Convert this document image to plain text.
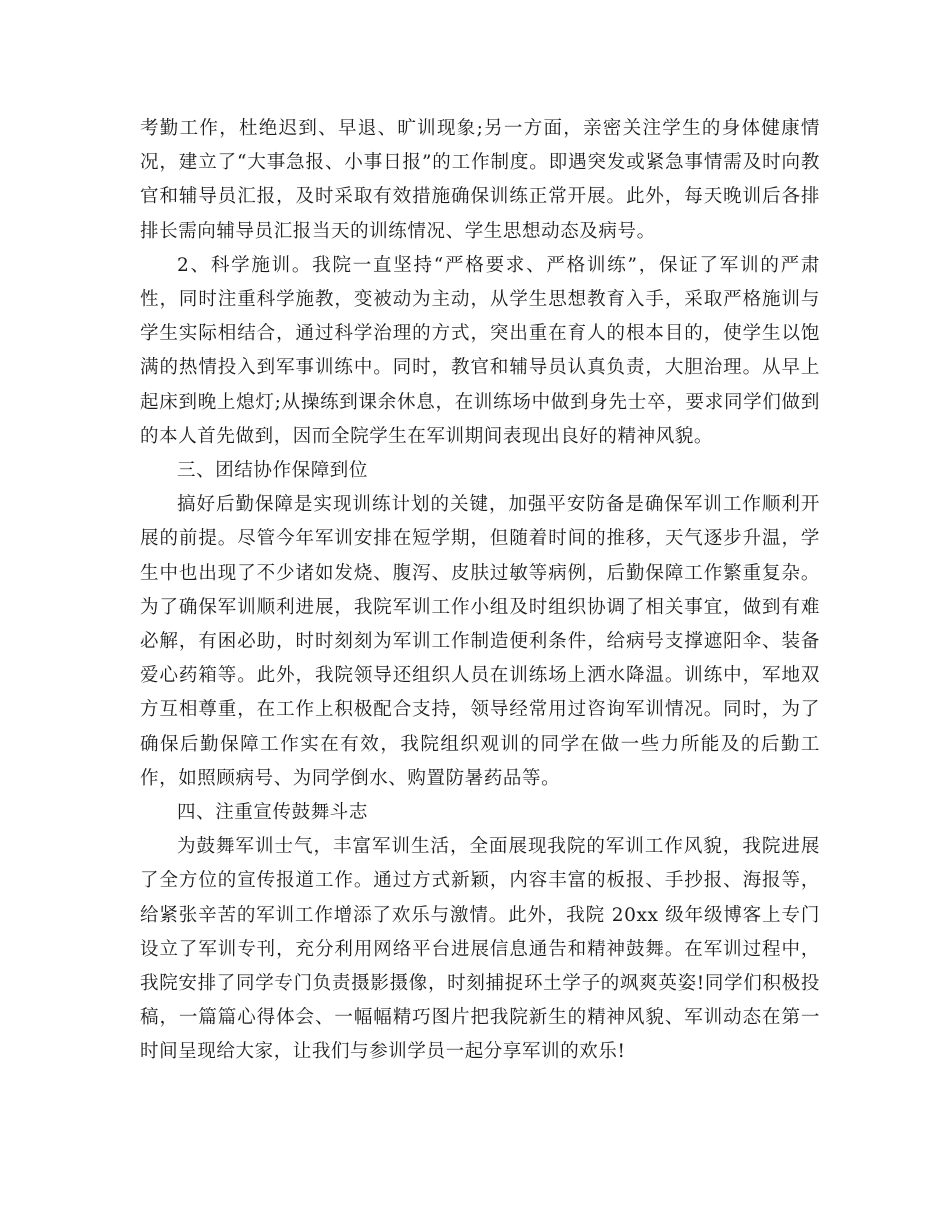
考勤工作，杜绝迟到、早退、旷训现象;另一方面，亲密关注学生的身体健康情况，建立了“大事急报、小事日报”的工作制度。即遇突发或紧急事情需及时向教官和辅导员汇报，及时采取有效措施确保训练正常开展。此外，每天晚训后各排排长需向辅导员汇报当天的训练情况、学生思想动态及病号。

2、科学施训。我院一直坚持“严格要求、严格训练”，保证了军训的严肃性，同时注重科学施教，变被动为主动，从学生思想教育入手，采取严格施训与学生实际相结合，通过科学治理的方式，突出重在育人的根本目的，使学生以饱满的热情投入到军事训练中。同时，教官和辅导员认真负责，大胆治理。从早上起床到晚上熄灯;从操练到课余休息，在训练场中做到身先士卒，要求同学们做到的本人首先做到，因而全院学生在军训期间表现出良好的精神风貌。

三、团结协作保障到位

搞好后勤保障是实现训练计划的关键，加强平安防备是确保军训工作顺利开展的前提。尽管今年军训安排在短学期，但随着时间的推移，天气逐步升温，学生中也出现了不少诸如发烧、腹泻、皮肤过敏等病例，后勤保障工作繁重复杂。为了确保军训顺利进展，我院军训工作小组及时组织协调了相关事宜，做到有难必解，有困必助，时时刻刻为军训工作制造便利条件，给病号支撑遮阳伞、装备爱心药箱等。此外，我院领导还组织人员在训练场上洒水降温。训练中，军地双方互相尊重，在工作上积极配合支持，领导经常用过咨询军训情况。同时，为了确保后勤保障工作实在有效，我院组织观训的同学在做一些力所能及的后勤工作，如照顾病号、为同学倒水、购置防暑药品等。

四、注重宣传鼓舞斗志

为鼓舞军训士气，丰富军训生活，全面展现我院的军训工作风貌，我院进展了全方位的宣传报道工作。通过方式新颖，内容丰富的板报、手抄报、海报等，给紧张辛苦的军训工作增添了欢乐与激情。此外，我院 20xx 级年级博客上专门设立了军训专刊，充分利用网络平台进展信息通告和精神鼓舞。在军训过程中，我院安排了同学专门负责摄影摄像，时刻捕捉环土学子的飒爽英姿!同学们积极投稿，一篇篇心得体会、一幅幅精巧图片把我院新生的精神风貌、军训动态在第一时间呈现给大家，让我们与参训学员一起分享军训的欢乐!
